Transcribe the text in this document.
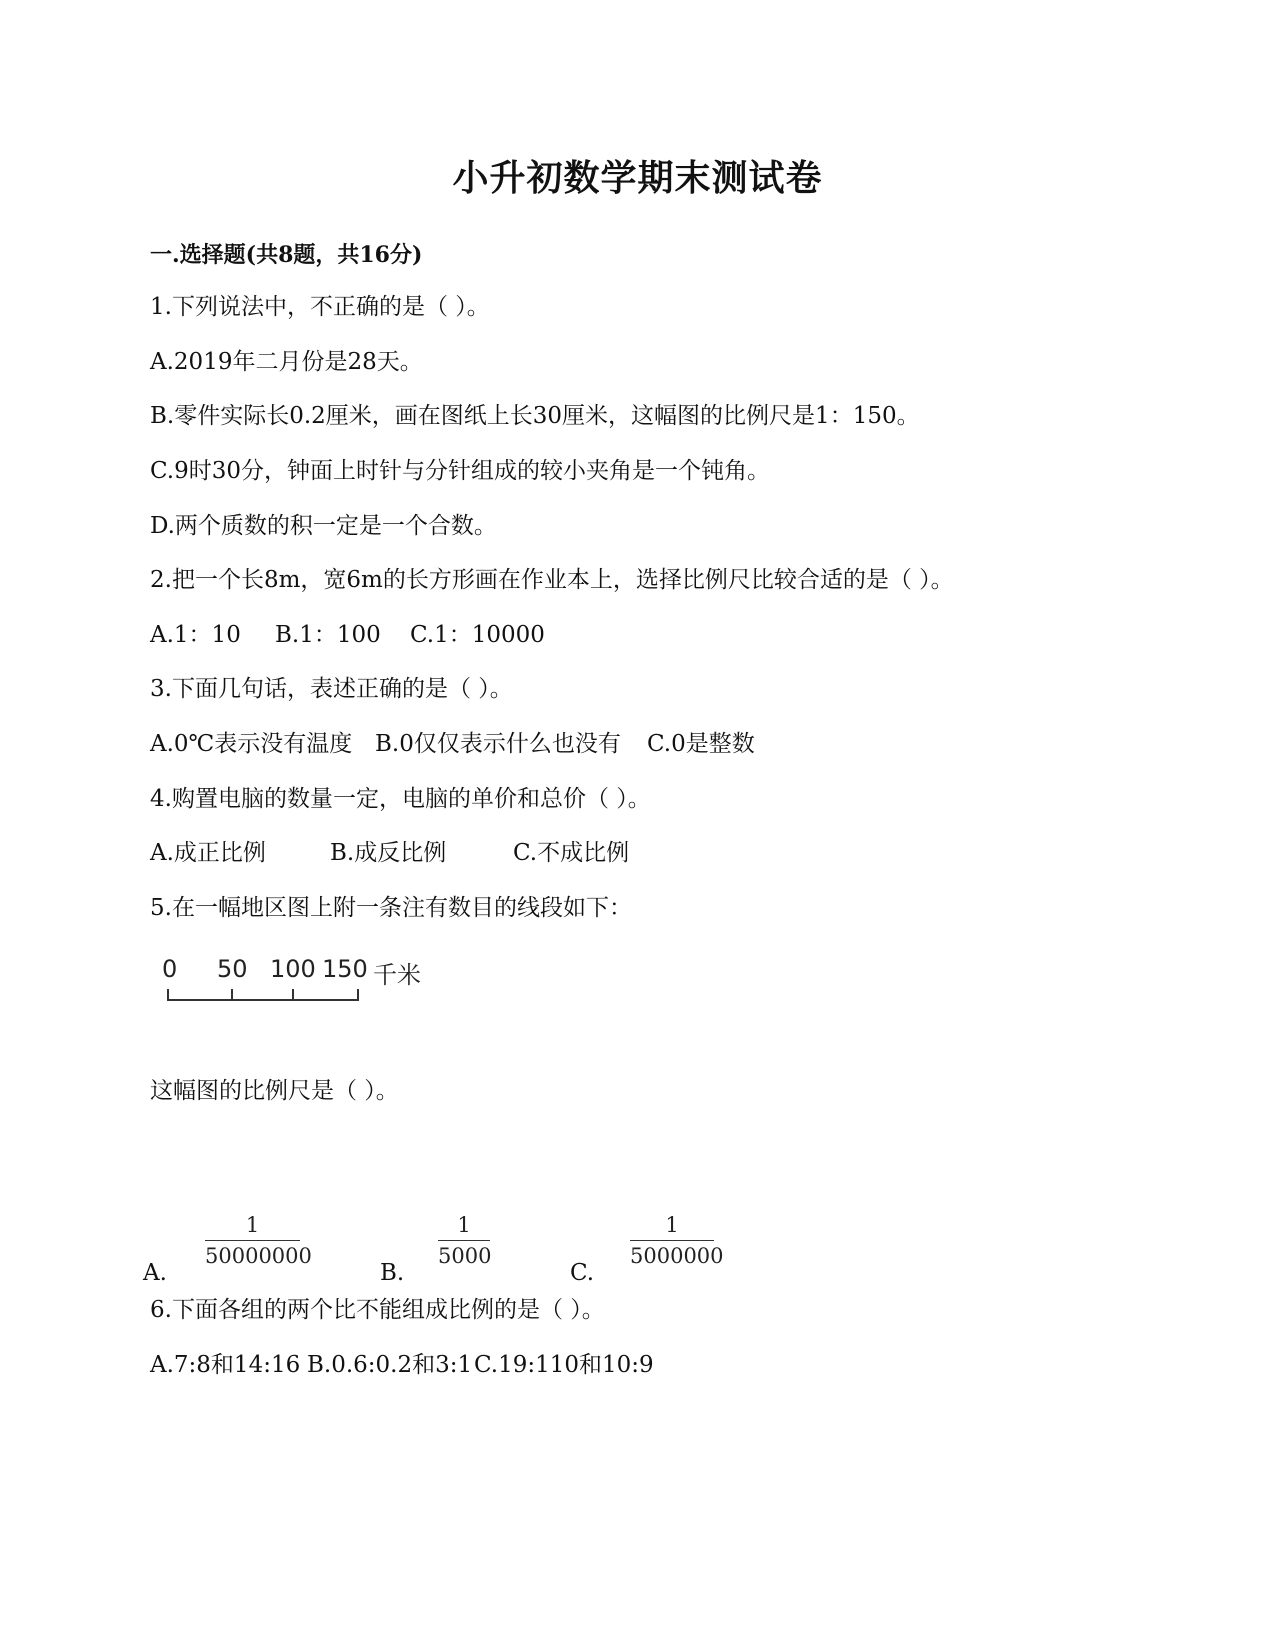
小升初数学期末测试卷
一.选择题(共8题，共16分)
1.下列说法中，不正确的是（ ）。
A.2019年二月份是28天。
B.零件实际长0.2厘米，画在图纸上长30厘米，这幅图的比例尺是1：150。
C.9时30分，钟面上时针与分针组成的较小夹角是一个钝角。
D.两个质数的积一定是一个合数。
2.把一个长8m，宽6m的长方形画在作业本上，选择比例尺比较合适的是（ ）。
A.1：10 B.1：100 C.1：10000
3.下面几句话，表述正确的是（ ）。
A.0℃表示没有温度 B.0仅仅表示什么也没有 C.0是整数
4.购置电脑的数量一定，电脑的单价和总价（ ）。
A.成正比例	B.成反比例	C.不成比例
5.在一幅地区图上附一条注有数目的线段如下：
0 50 100 150 千米
这幅图的比例尺是（ ）。
A.
1
50000000
B.
1
5000
C.
1
5000000
6.下面各组的两个比不能组成比例的是（ ）。
A.7:8和14:16 B.0.6:0.2和3:1C.19:110和10:9
